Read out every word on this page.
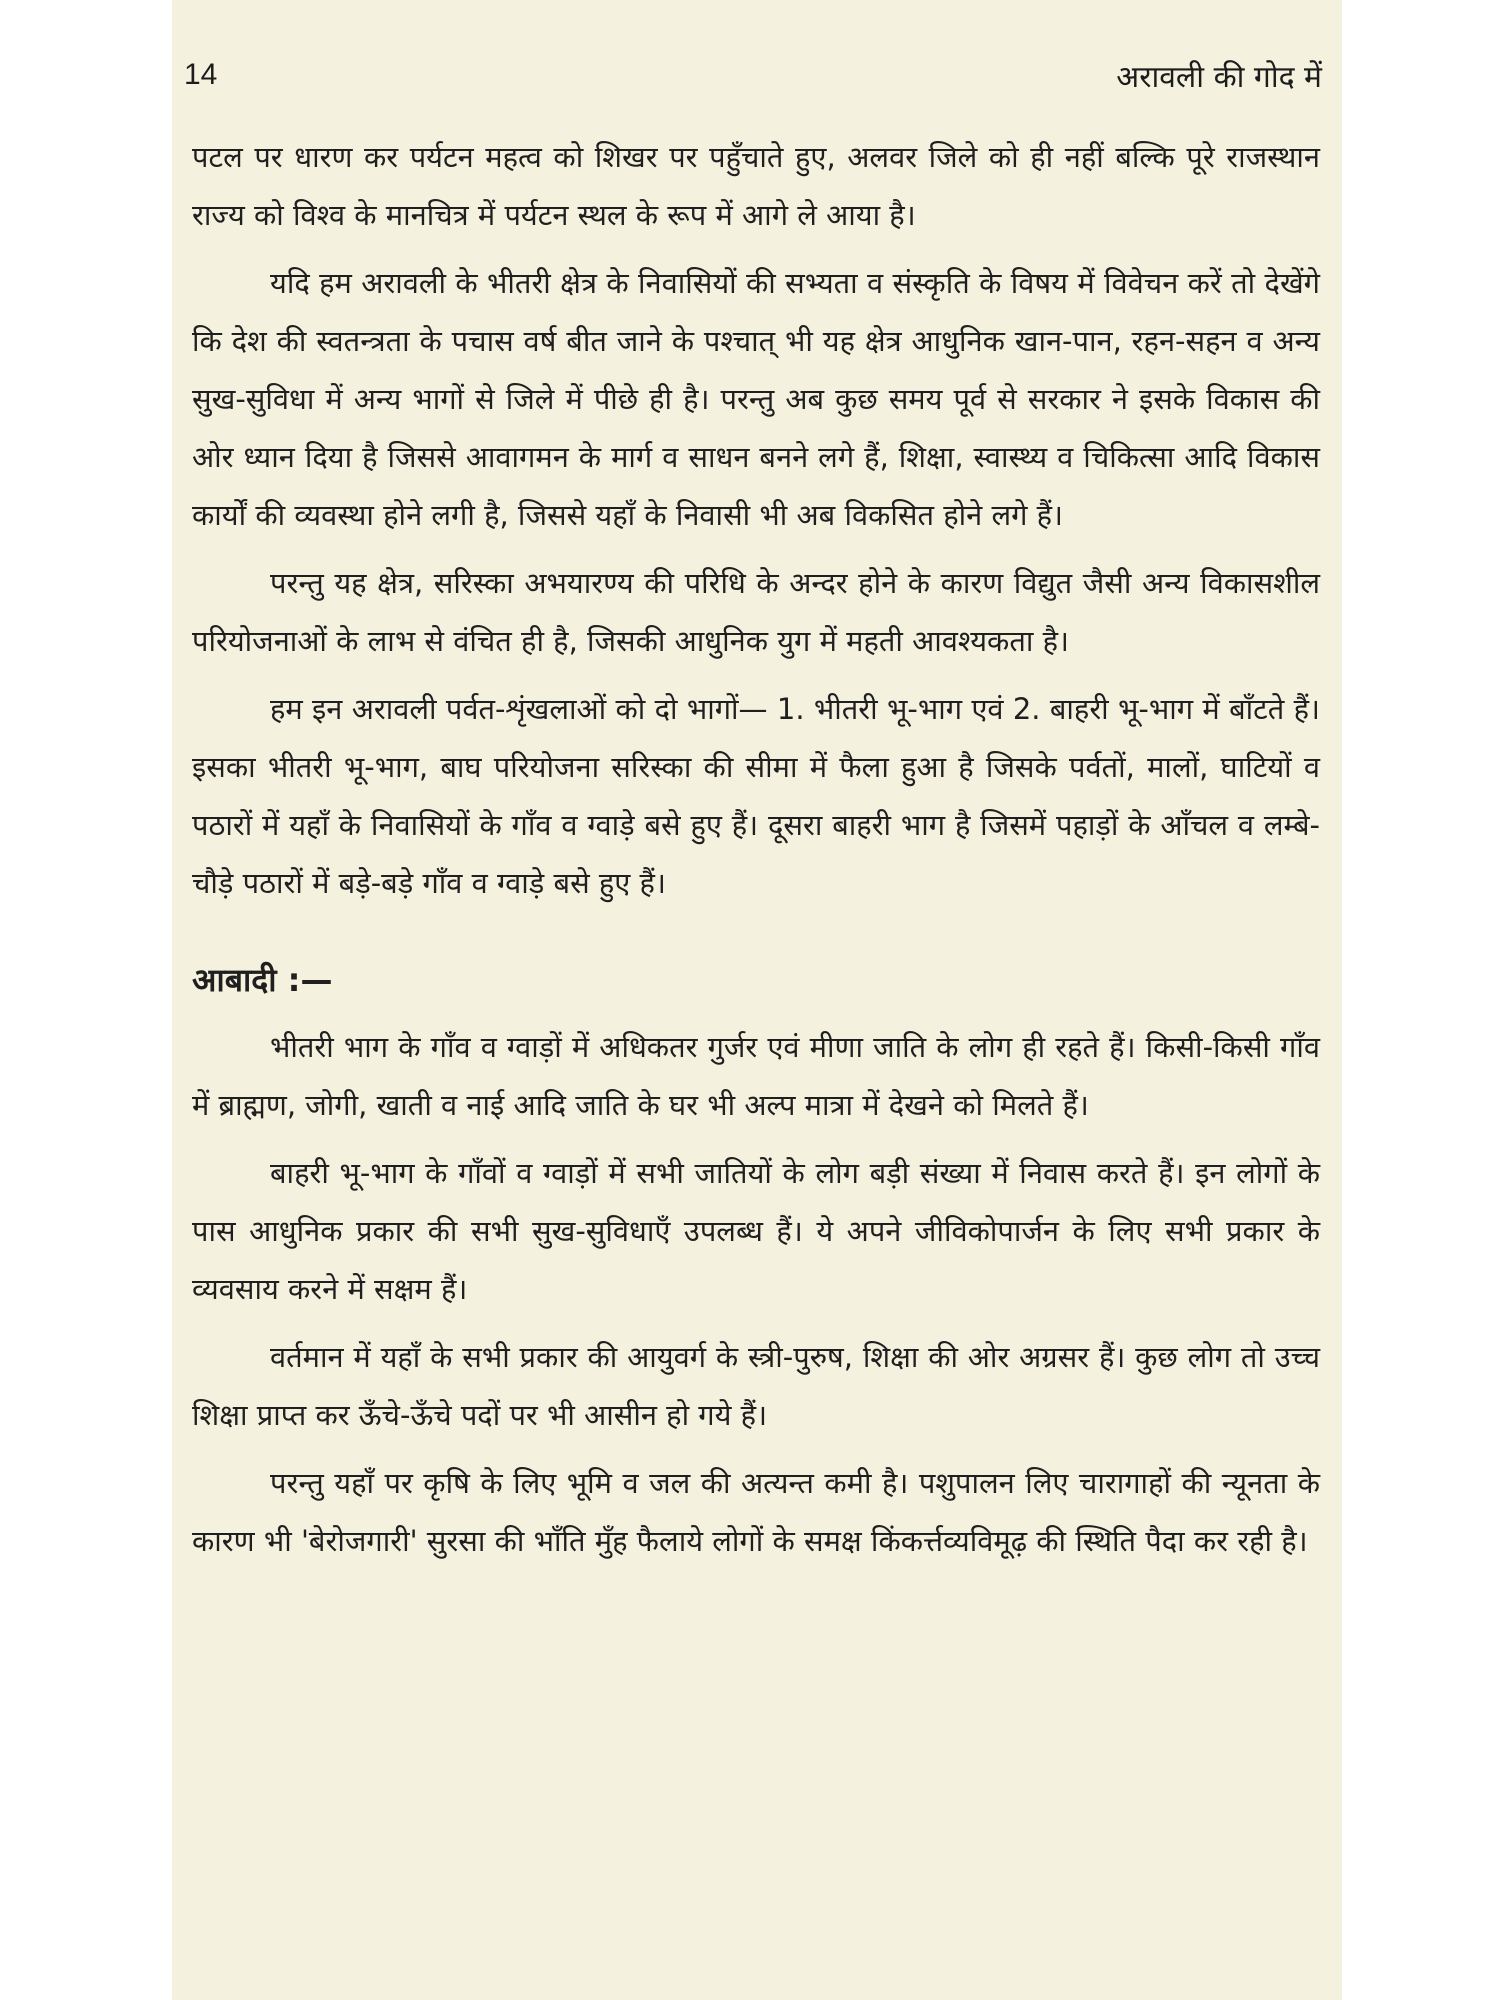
14	अरावली की गोद में

पटल पर धारण कर पर्यटन महत्व को शिखर पर पहुँचाते हुए, अलवर जिले को ही नहीं बल्कि पूरे राजस्थान राज्य को विश्व के मानचित्र में पर्यटन स्थल के रूप में आगे ले आया है।

यदि हम अरावली के भीतरी क्षेत्र के निवासियों की सभ्यता व संस्कृति के विषय में विवेचन करें तो देखेंगे कि देश की स्वतन्त्रता के पचास वर्ष बीत जाने के पश्चात् भी यह क्षेत्र आधुनिक खान-पान, रहन-सहन व अन्य सुख-सुविधा में अन्य भागों से जिले में पीछे ही है। परन्तु अब कुछ समय पूर्व से सरकार ने इसके विकास की ओर ध्यान दिया है जिससे आवागमन के मार्ग व साधन बनने लगे हैं, शिक्षा, स्वास्थ्य व चिकित्सा आदि विकास कार्यों की व्यवस्था होने लगी है, जिससे यहाँ के निवासी भी अब विकसित होने लगे हैं।

परन्तु यह क्षेत्र, सरिस्का अभयारण्य की परिधि के अन्दर होने के कारण विद्युत जैसी अन्य विकासशील परियोजनाओं के लाभ से वंचित ही है, जिसकी आधुनिक युग में महती आवश्यकता है।

हम इन अरावली पर्वत-शृंखलाओं को दो भागों— 1. भीतरी भू-भाग एवं 2. बाहरी भू-भाग में बाँटते हैं। इसका भीतरी भू-भाग, बाघ परियोजना सरिस्का की सीमा में फैला हुआ है जिसके पर्वतों, मालों, घाटियों व पठारों में यहाँ के निवासियों के गाँव व ग्वाड़े बसे हुए हैं। दूसरा बाहरी भाग है जिसमें पहाड़ों के आँचल व लम्बे-चौड़े पठारों में बड़े-बड़े गाँव व ग्वाड़े बसे हुए हैं।

आबादी :—

भीतरी भाग के गाँव व ग्वाड़ों में अधिकतर गुर्जर एवं मीणा जाति के लोग ही रहते हैं। किसी-किसी गाँव में ब्राह्मण, जोगी, खाती व नाई आदि जाति के घर भी अल्प मात्रा में देखने को मिलते हैं।

बाहरी भू-भाग के गाँवों व ग्वाड़ों में सभी जातियों के लोग बड़ी संख्या में निवास करते हैं। इन लोगों के पास आधुनिक प्रकार की सभी सुख-सुविधाएँ उपलब्ध हैं। ये अपने जीविकोपार्जन के लिए सभी प्रकार के व्यवसाय करने में सक्षम हैं।

वर्तमान में यहाँ के सभी प्रकार की आयुवर्ग के स्त्री-पुरुष, शिक्षा की ओर अग्रसर हैं। कुछ लोग तो उच्च शिक्षा प्राप्त कर ऊँचे-ऊँचे पदों पर भी आसीन हो गये हैं।

परन्तु यहाँ पर कृषि के लिए भूमि व जल की अत्यन्त कमी है। पशुपालन लिए चारागाहों की न्यूनता के कारण भी 'बेरोजगारी' सुरसा की भाँति मुँह फैलाये लोगों के समक्ष किंकर्त्तव्यविमूढ़ की स्थिति पैदा कर रही है।
